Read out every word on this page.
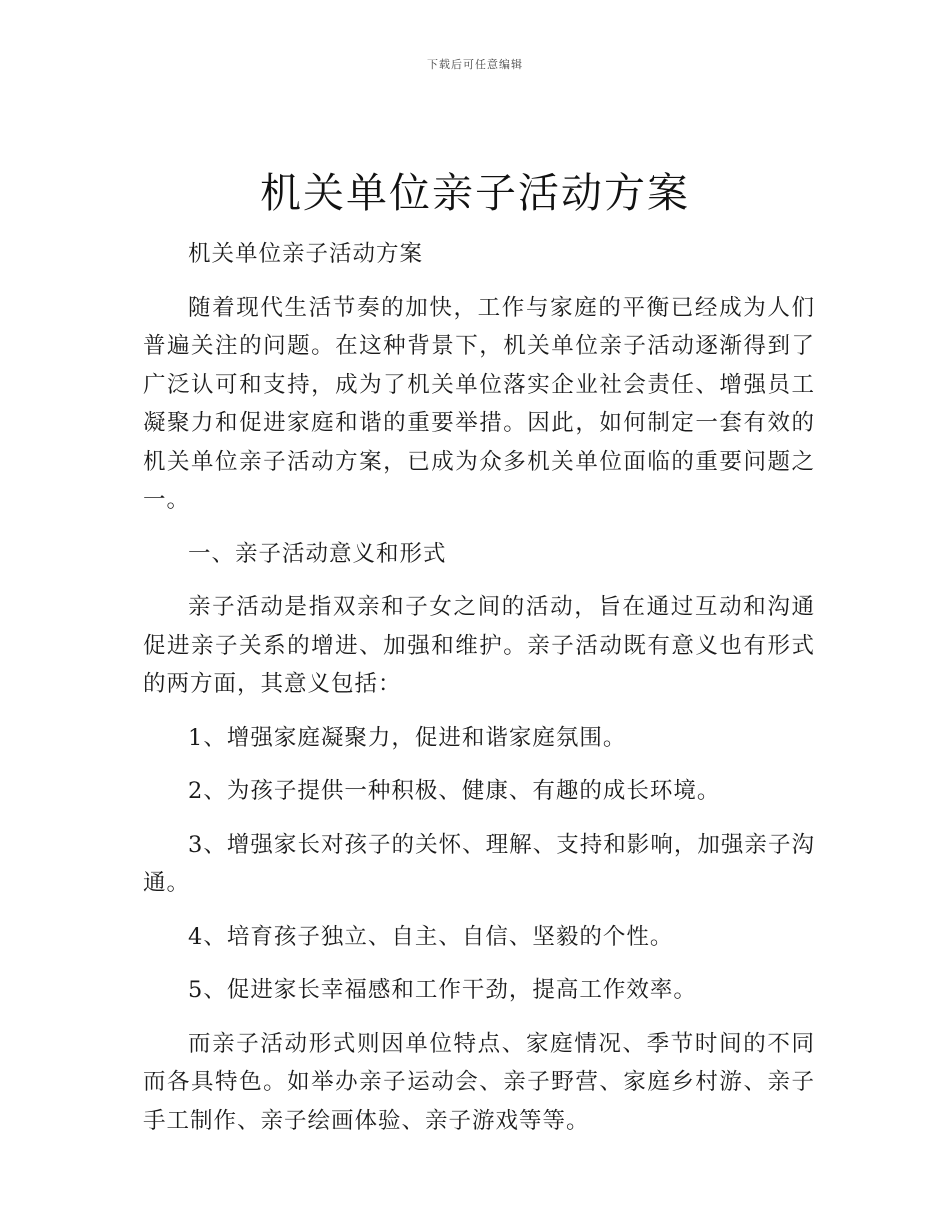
下载后可任意编辑
机关单位亲子活动方案

机关单位亲子活动方案

随着现代生活节奏的加快，工作与家庭的平衡已经成为人们普遍关注的问题。在这种背景下，机关单位亲子活动逐渐得到了广泛认可和支持，成为了机关单位落实企业社会责任、增强员工凝聚力和促进家庭和谐的重要举措。因此，如何制定一套有效的机关单位亲子活动方案，已成为众多机关单位面临的重要问题之一。

一、亲子活动意义和形式

亲子活动是指双亲和子女之间的活动，旨在通过互动和沟通促进亲子关系的增进、加强和维护。亲子活动既有意义也有形式的两方面，其意义包括：

1、增强家庭凝聚力，促进和谐家庭氛围。

2、为孩子提供一种积极、健康、有趣的成长环境。

3、增强家长对孩子的关怀、理解、支持和影响，加强亲子沟通。

4、培育孩子独立、自主、自信、坚毅的个性。

5、促进家长幸福感和工作干劲，提高工作效率。

而亲子活动形式则因单位特点、家庭情况、季节时间的不同而各具特色。如举办亲子运动会、亲子野营、家庭乡村游、亲子手工制作、亲子绘画体验、亲子游戏等等。
